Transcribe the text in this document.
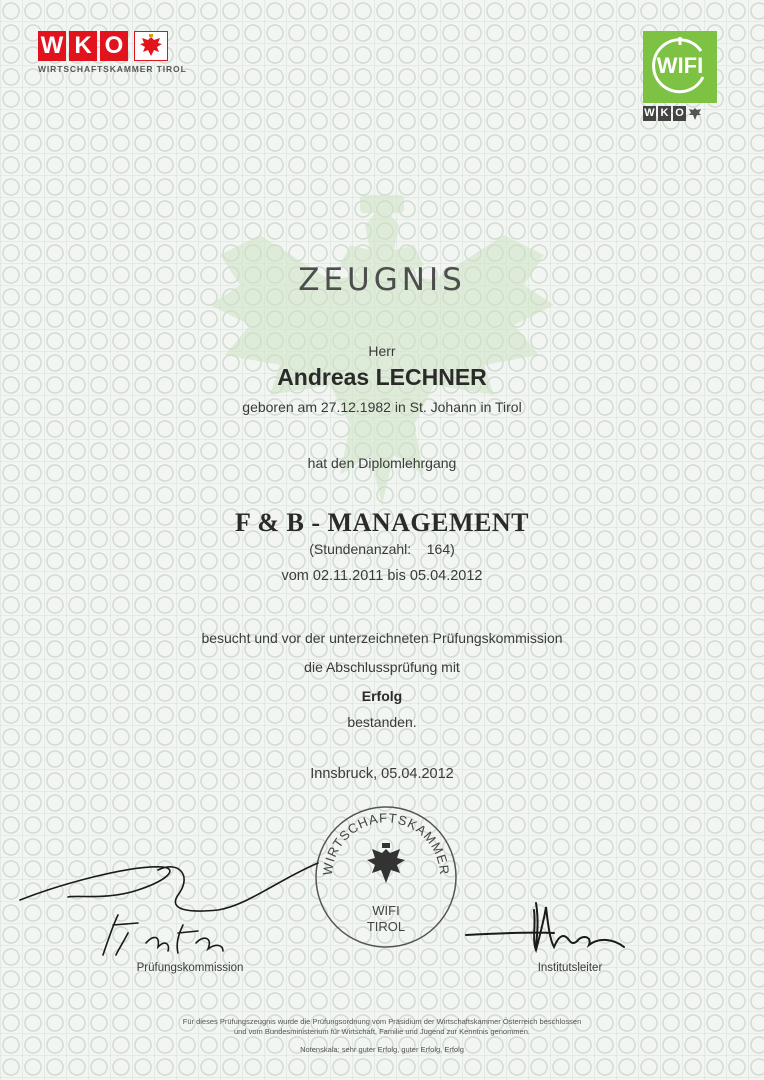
W K O
WIRTSCHAFTSKAMMER TIROL	WIFI
W K O
ZEUGNIS
Herr
Andreas LECHNER
geboren am 27.12.1982 in St. Johann in Tirol
hat den Diplomlehrgang
F & B - MANAGEMENT
(Stundenanzahl:    164)
vom 02.11.2011 bis 05.04.2012
besucht und vor der unterzeichneten Prüfungskommission
die Abschlussprüfung mit
Erfolg
bestanden.
Innsbruck, 05.04.2012
WIRTSCHAFTSKAMMER
WIFI
TIROL
Prüfungskommission	Institutsleiter
Für dieses Prüfungszeugnis wurde die Prüfungsordnung vom Präsidium der Wirtschaftskammer Österreich beschlossen
und vom Bundesministerium für Wirtschaft, Familie und Jugend zur Kenntnis genommen.
Notenskala: sehr guter Erfolg, guter Erfolg, Erfolg
